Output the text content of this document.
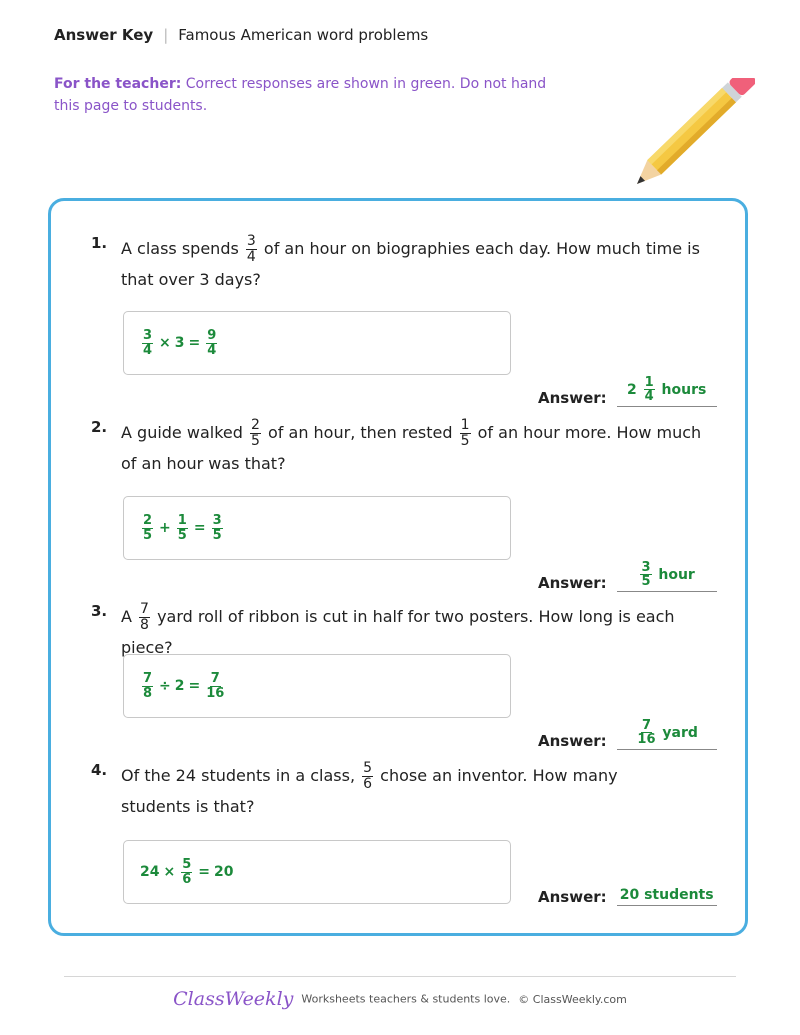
Answer Key | Famous American word problems
For the teacher: Correct responses are shown in green. Do not hand this page to students.
1. A class spends $\frac{3}{4}$ of an hour on biographies each day. How much time is that over 3 days?
$\frac{3}{4} \times 3 = \frac{9}{4}$
Answer:	$2 \frac{1}{4}$ hours
2. A guide walked $\frac{2}{5}$ of an hour, then rested $\frac{1}{5}$ of an hour more. How much of an hour was that?
$\frac{2}{5} + \frac{1}{5} = \frac{3}{5}$
Answer:	$\frac{3}{5}$ hour
3. A $\frac{7}{8}$ yard roll of ribbon is cut in half for two posters. How long is each piece?
$\frac{7}{8} \div 2 = \frac{7}{16}$
Answer: $\frac{7}{16}$ yard
4. Of the 24 students in a class, $\frac{5}{6}$ chose an inventor. How many students is that?
$24 \times \frac{5}{6} = 20$
Answer: 20 students
ClassWeekly Worksheets teachers & students love. © ClassWeekly.com
